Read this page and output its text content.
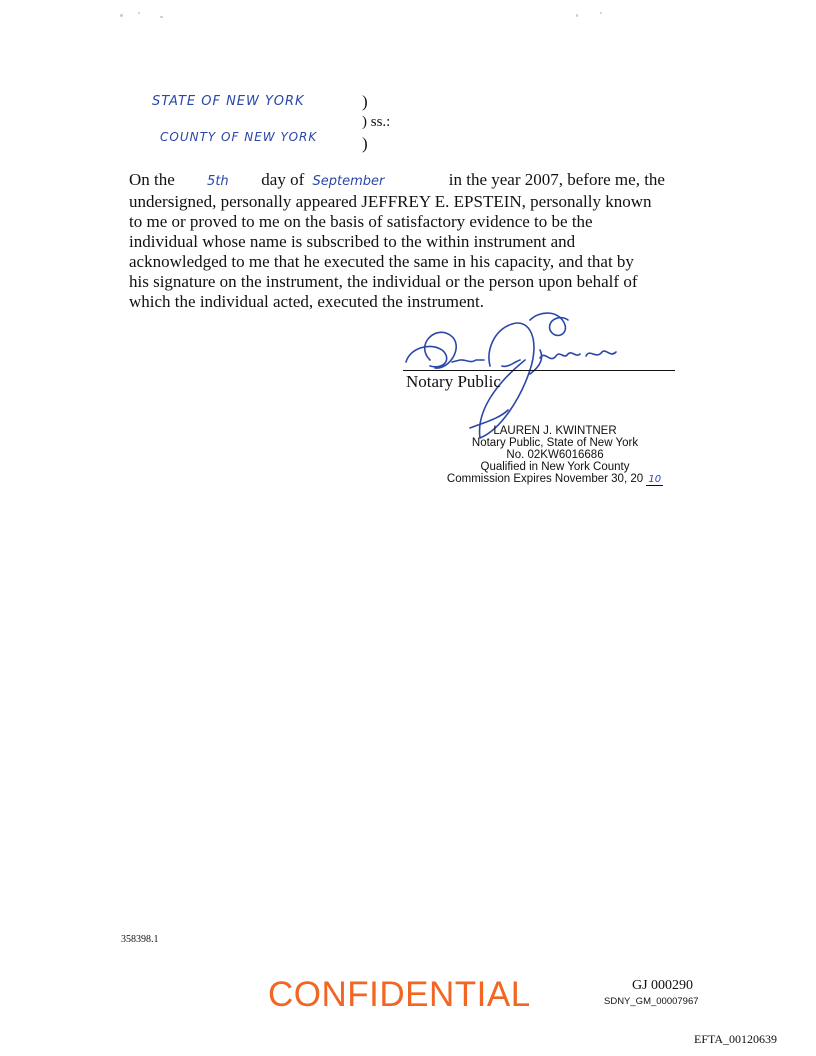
STATE OF NEW YORK	)
) ss.:
COUNTY OF NEW YORK	)

On the 5th day of September	in the year 2007, before me, the

undersigned, personally appeared JEFFREY E. EPSTEIN, personally known

to me or proved to me on the basis of satisfactory evidence to be the

individual whose name is subscribed to the within instrument and

acknowledged to me that he executed the same in his capacity, and that by

his signature on the instrument, the individual or the person upon behalf of

which the individual acted, executed the instrument.

Notary Public
LAUREN J. KWINTNER
Notary Public, State of New York
No. 02KW6016686
Qualified in New York County
Commission Expires November 30, 20 10
358398.1
CONFIDENTIAL	GJ 000290
SDNY_GM_00007967
EFTA_00120639
